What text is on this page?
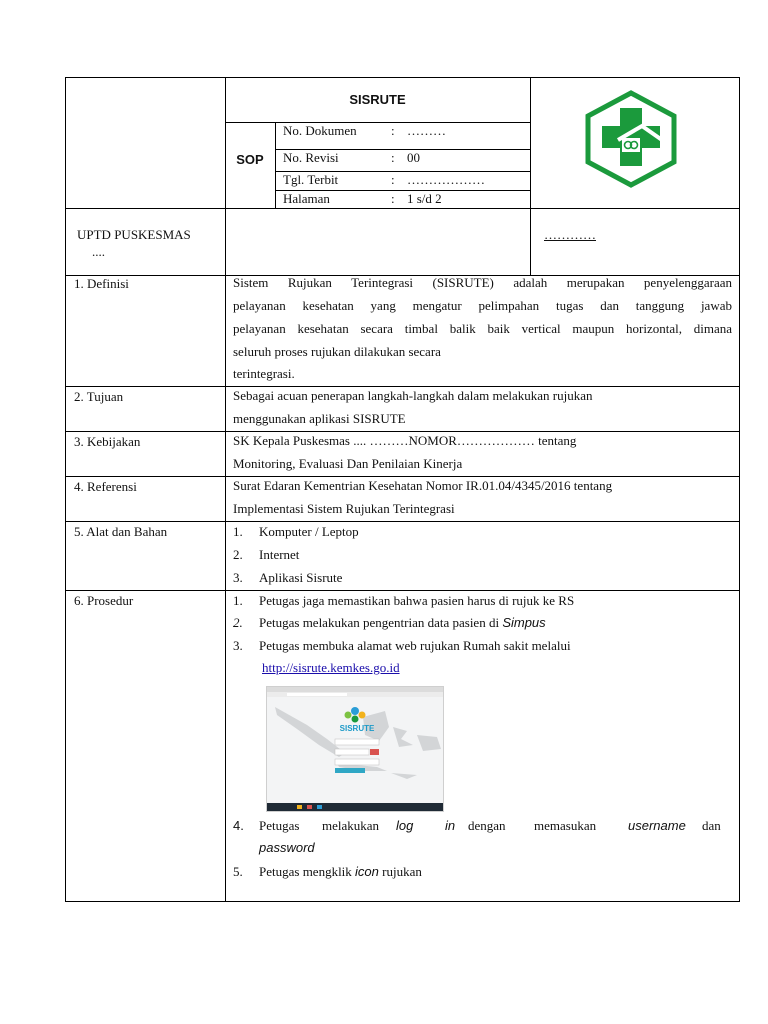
SISRUTE
SOP
No. Dokumen	: ………
No. Revisi	: 00
Tgl. Terbit	: ………………
Halaman	: 1 s/d 2
UPTD PUSKESMAS
....
…………
1. Definisi	Sistem Rujukan Terintegrasi (SISRUTE) adalah merupakan penyelenggaraan
pelayanan kesehatan yang mengatur pelimpahan tugas dan tanggung jawab
pelayanan kesehatan secara timbal balik baik vertical maupun horizontal, dimana
seluruh proses rujukan dilakukan secara
terintegrasi.
2. Tujuan	Sebagai acuan penerapan langkah-langkah dalam melakukan rujukan
menggunakan aplikasi SISRUTE
3. Kebijakan	SK Kepala Puskesmas .... ………NOMOR……………… tentang
Monitoring, Evaluasi Dan Penilaian Kinerja
4. Referensi	Surat Edaran Kementrian Kesehatan Nomor IR.01.04/4345/2016 tentang
Implementasi Sistem Rujukan Terintegrasi
5. Alat dan Bahan	1.	Komputer / Leptop
2.	Internet
3.	Aplikasi Sisrute
6. Prosedur	1. Petugas jaga memastikan bahwa pasien harus di rujuk ke RS
2. Petugas melakukan pengentrian data pasien di Simpus
3. Petugas membuka alamat web rujukan Rumah sakit melalui
http://sisrute.kemkes.go.id
SISRUTE
4. Petugas melakukan log in dengan memasukan username dan
password
5. Petugas mengklik icon rujukan
